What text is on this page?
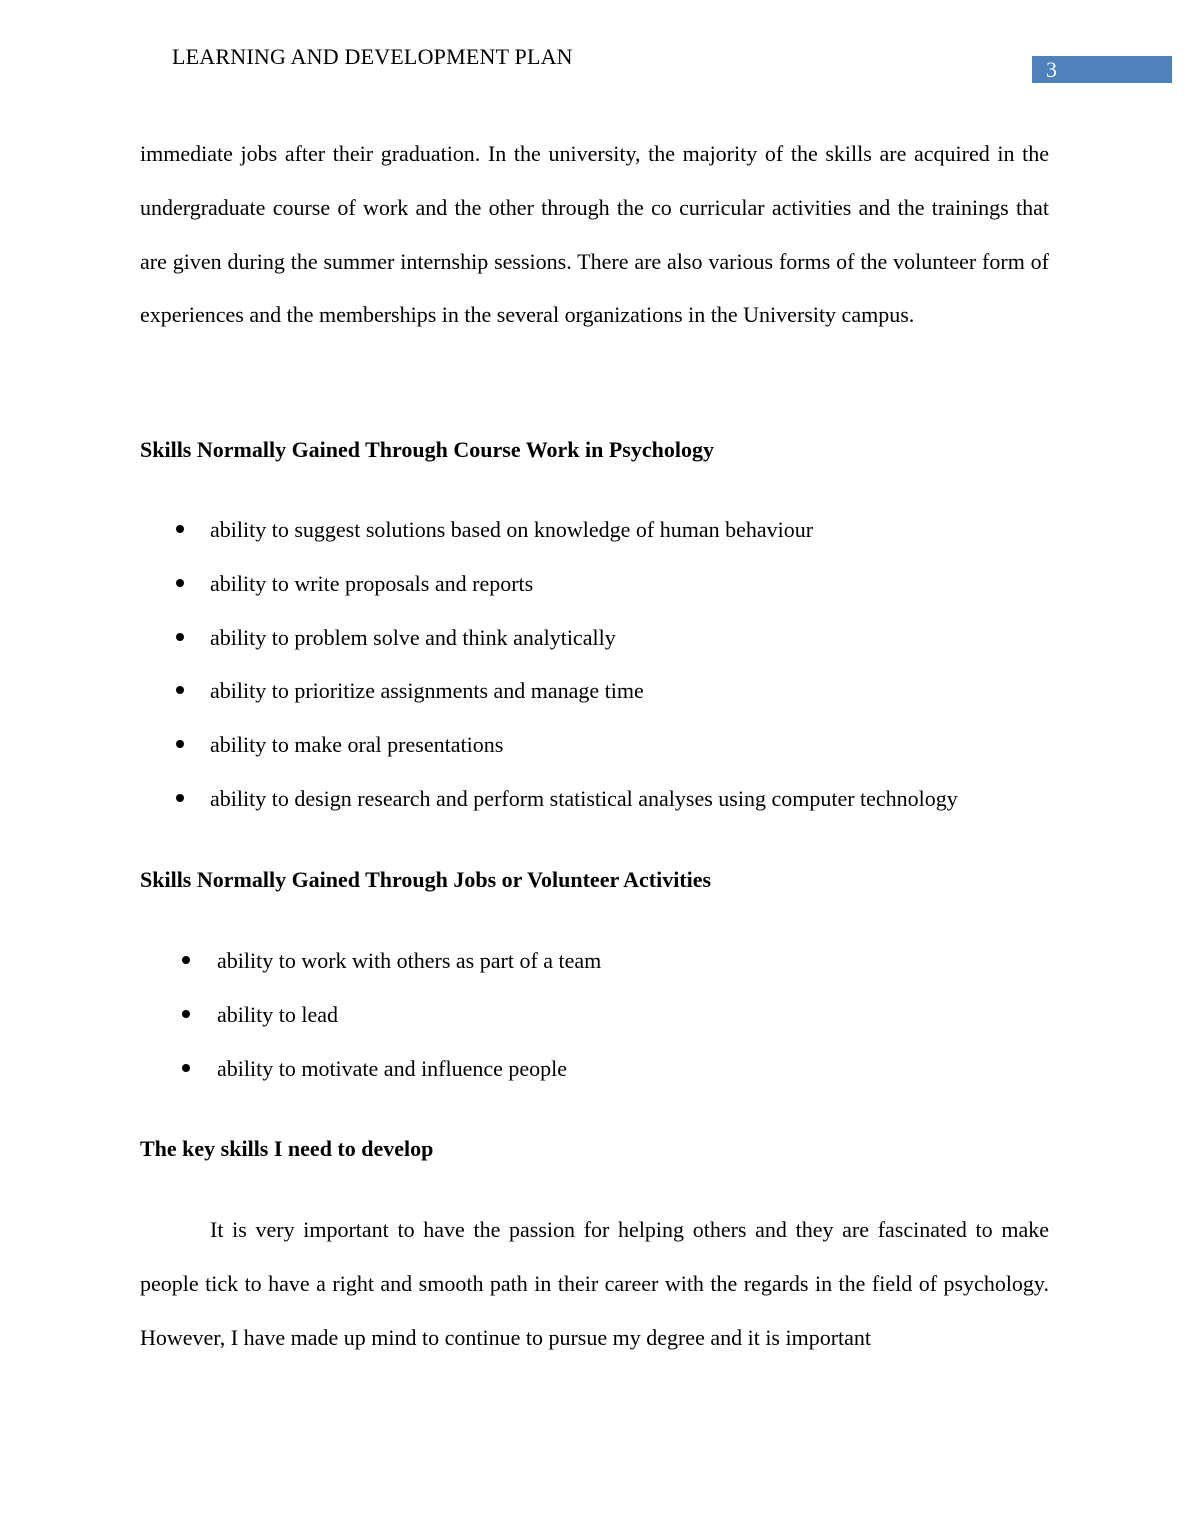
LEARNING AND DEVELOPMENT PLAN
3

immediate jobs after their graduation. In the university, the majority of the skills are acquired in the undergraduate course of work and the other through the co curricular activities and the trainings that are given during the summer internship sessions. There are also various forms of the volunteer form of experiences and the memberships in the several organizations in the University campus.

Skills Normally Gained Through Course Work in Psychology
ability to suggest solutions based on knowledge of human behaviour
ability to write proposals and reports
ability to problem solve and think analytically
ability to prioritize assignments and manage time
ability to make oral presentations
ability to design research and perform statistical analyses using computer technology
Skills Normally Gained Through Jobs or Volunteer Activities
ability to work with others as part of a team
ability to lead
ability to motivate and influence people
The key skills I need to develop

It is very important to have the passion for helping others and they are fascinated to make people tick to have a right and smooth path in their career with the regards in the field of psychology. However, I have made up mind to continue to pursue my degree and it is important
